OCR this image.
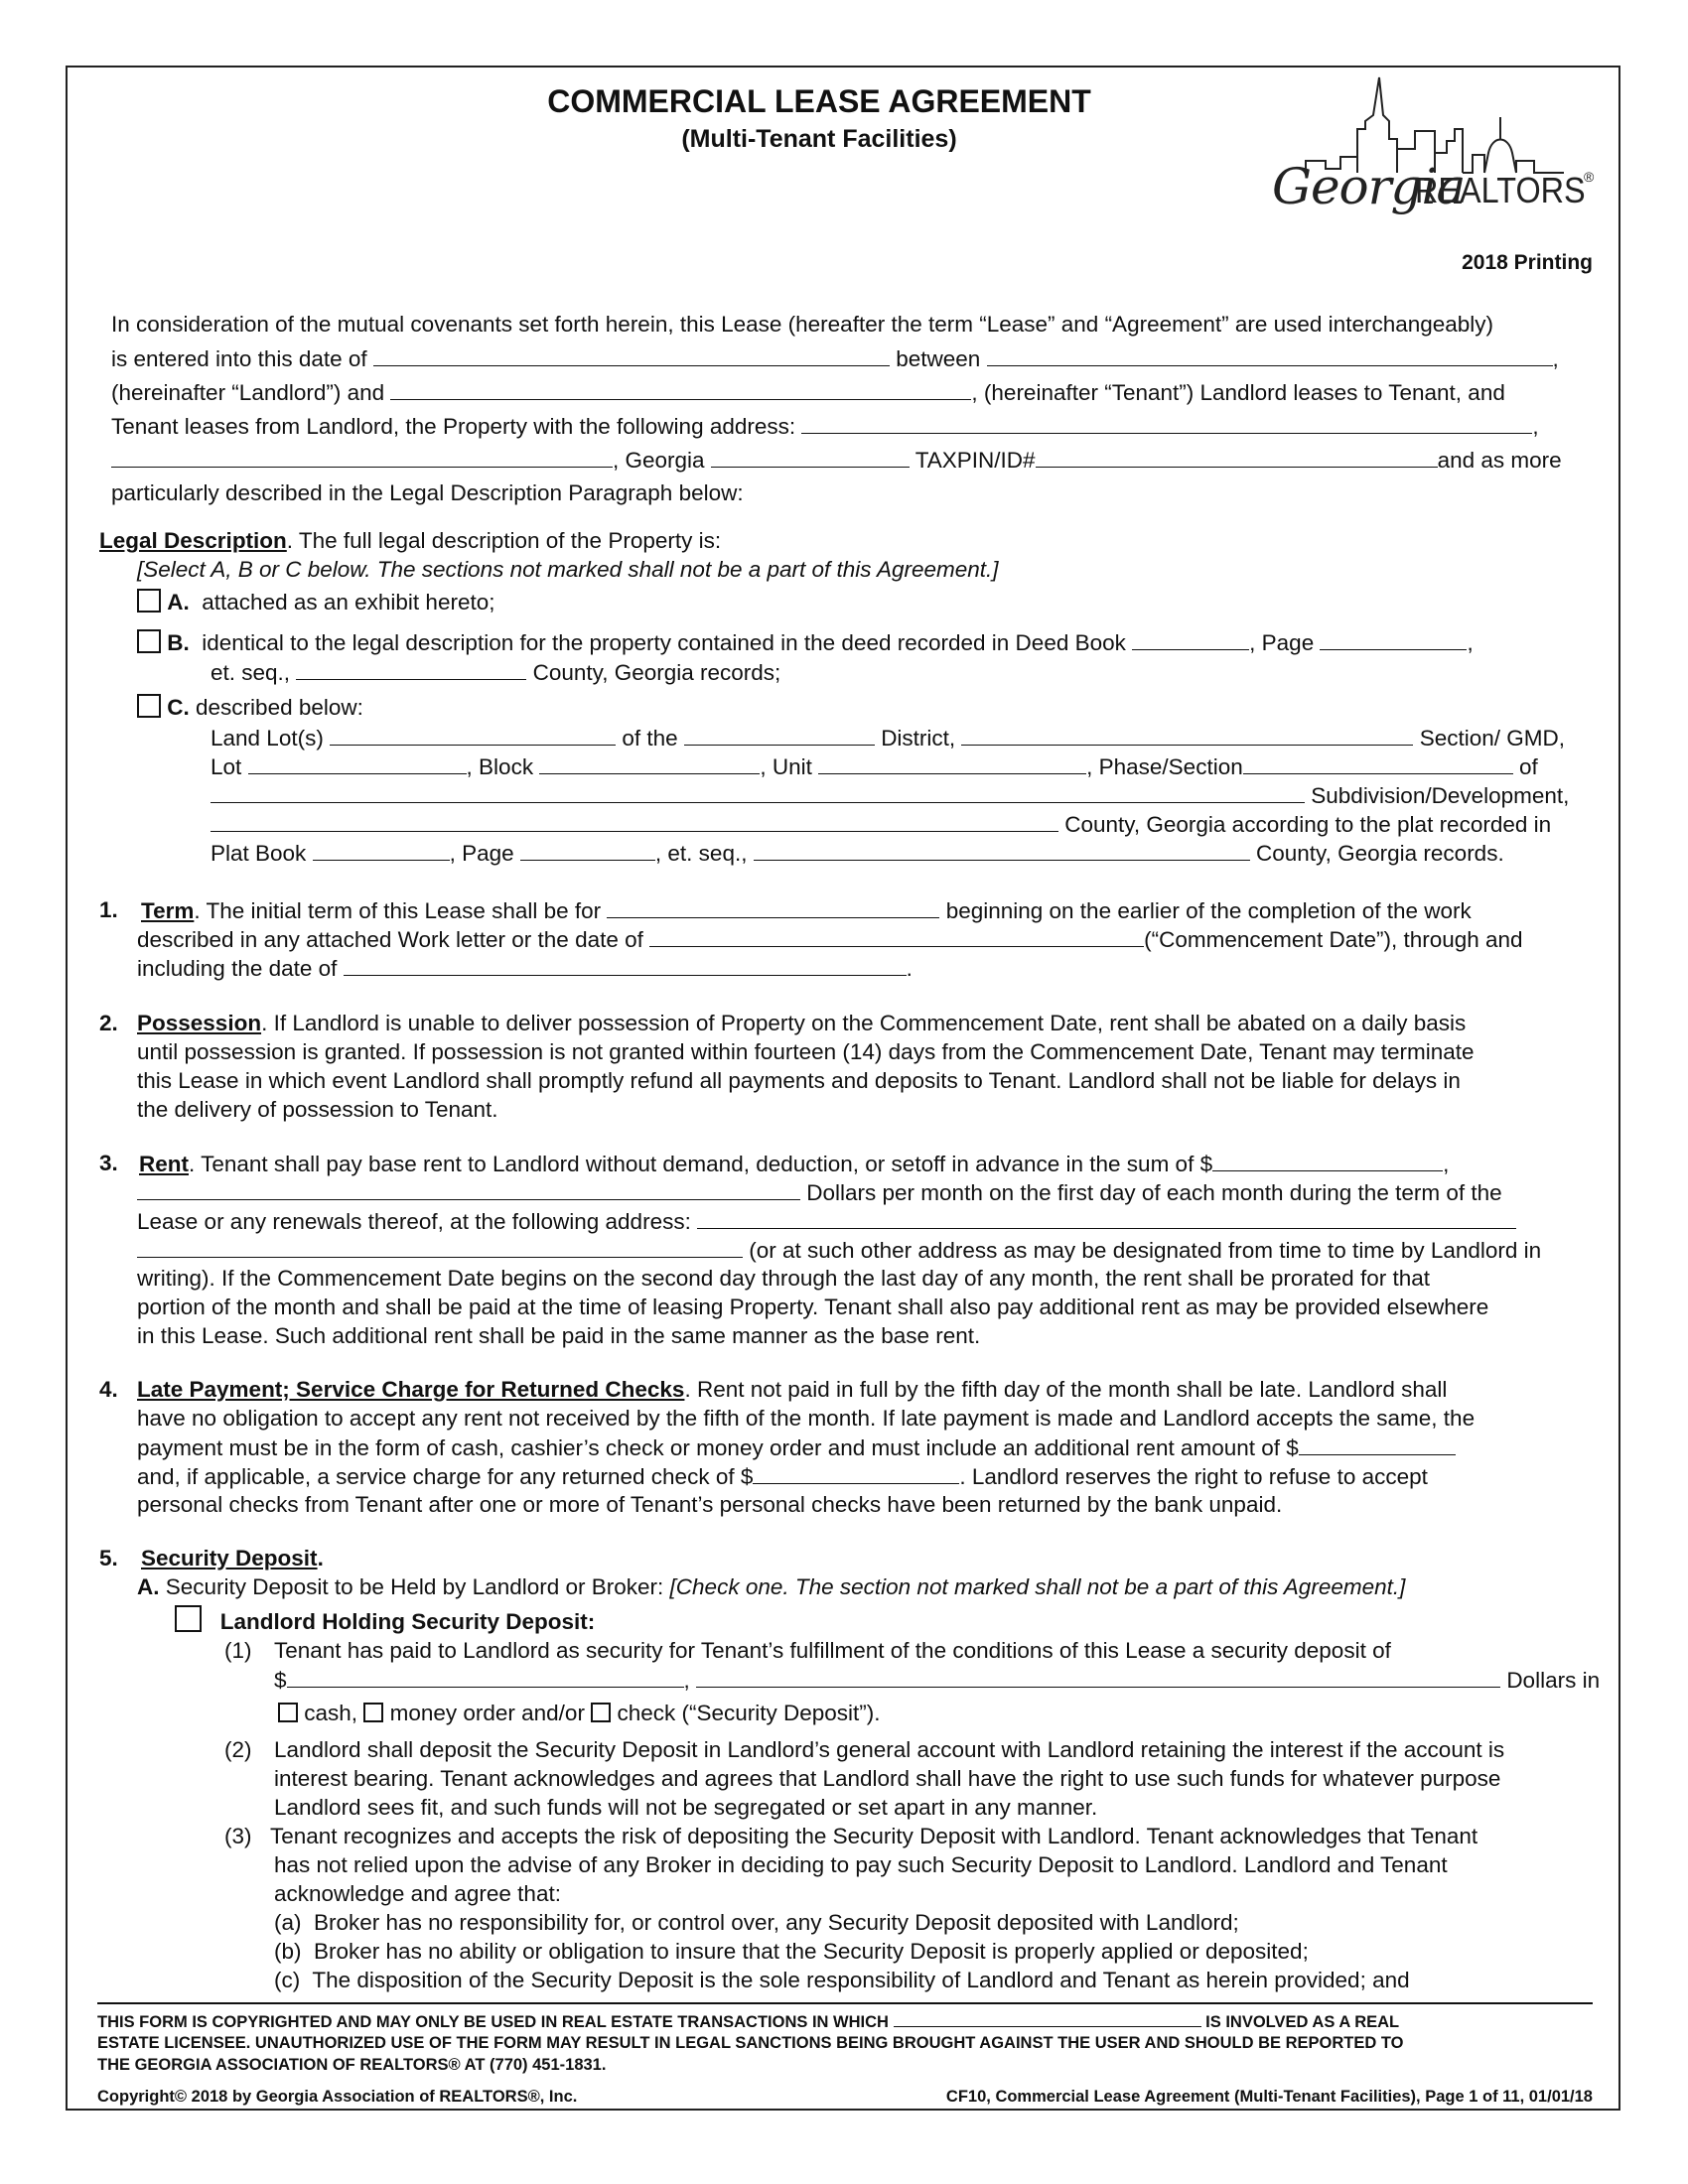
COMMERCIAL LEASE AGREEMENT
(Multi-Tenant Facilities)
Georgia
REALTORS
®
2018 Printing
In consideration of the mutual covenants set forth herein, this Lease (hereafter the term “Lease” and “Agreement” are used interchangeably)
is entered into this date of	between	,
(hereinafter “Landlord”) and	, (hereinafter “Tenant”) Landlord leases to Tenant, and
Tenant leases from Landlord, the Property with the following address:	,
, Georgia	TAXPIN/ID#	and as more
particularly described in the Legal Description Paragraph below:
Legal Description. The full legal description of the Property is:
[Select A, B or C below. The sections not marked shall not be a part of this Agreement.]
A. attached as an exhibit hereto;
B. identical to the legal description for the property contained in the deed recorded in Deed Book	, Page	,
et. seq.,	County, Georgia records;
C. described below:
Land Lot(s)	of the	District,	Section/ GMD,
Lot	, Block	, Unit	, Phase/Section	of
Subdivision/Development,
County, Georgia according to the plat recorded in
Plat Book	, Page	, et. seq.,	County, Georgia records.
1. Term. The initial term of this Lease shall be for	beginning on the earlier of the completion of the work
described in any attached Work letter or the date of	(“Commencement Date”), through and
including the date of	.
2. Possession. If Landlord is unable to deliver possession of Property on the Commencement Date, rent shall be abated on a daily basis
until possession is granted. If possession is not granted within fourteen (14) days from the Commencement Date, Tenant may terminate
this Lease in which event Landlord shall promptly refund all payments and deposits to Tenant. Landlord shall not be liable for delays in
the delivery of possession to Tenant.
3. Rent. Tenant shall pay base rent to Landlord without demand, deduction, or setoff in advance in the sum of $	,
Dollars per month on the first day of each month during the term of the
Lease or any renewals thereof, at the following address:
(or at such other address as may be designated from time to time by Landlord in
writing). If the Commencement Date begins on the second day through the last day of any month, the rent shall be prorated for that
portion of the month and shall be paid at the time of leasing Property. Tenant shall also pay additional rent as may be provided elsewhere
in this Lease. Such additional rent shall be paid in the same manner as the base rent.
4. Late Payment; Service Charge for Returned Checks. Rent not paid in full by the fifth day of the month shall be late. Landlord shall
have no obligation to accept any rent not received by the fifth of the month. If late payment is made and Landlord accepts the same, the
payment must be in the form of cash, cashier’s check or money order and must include an additional rent amount of $
and, if applicable, a service charge for any returned check of $	. Landlord reserves the right to refuse to accept
personal checks from Tenant after one or more of Tenant’s personal checks have been returned by the bank unpaid.
5. Security Deposit.
A. Security Deposit to be Held by Landlord or Broker: [Check one. The section not marked shall not be a part of this Agreement.]
Landlord Holding Security Deposit:
(1) Tenant has paid to Landlord as security for Tenant’s fulfillment of the conditions of this Lease a security deposit of
$	,	Dollars in
cash, money order and/or check (“Security Deposit”).
(2) Landlord shall deposit the Security Deposit in Landlord’s general account with Landlord retaining the interest if the account is
interest bearing. Tenant acknowledges and agrees that Landlord shall have the right to use such funds for whatever purpose
Landlord sees fit, and such funds will not be segregated or set apart in any manner.
(3) Tenant recognizes and accepts the risk of depositing the Security Deposit with Landlord. Tenant acknowledges that Tenant
has not relied upon the advise of any Broker in deciding to pay such Security Deposit to Landlord. Landlord and Tenant
acknowledge and agree that:
(a) Broker has no responsibility for, or control over, any Security Deposit deposited with Landlord;
(b) Broker has no ability or obligation to insure that the Security Deposit is properly applied or deposited;
(c) The disposition of the Security Deposit is the sole responsibility of Landlord and Tenant as herein provided; and
THIS FORM IS COPYRIGHTED AND MAY ONLY BE USED IN REAL ESTATE TRANSACTIONS IN WHICH	IS INVOLVED AS A REAL
ESTATE LICENSEE. UNAUTHORIZED USE OF THE FORM MAY RESULT IN LEGAL SANCTIONS BEING BROUGHT AGAINST THE USER AND SHOULD BE REPORTED TO
THE GEORGIA ASSOCIATION OF REALTORS® AT (770) 451-1831.
Copyright© 2018 by Georgia Association of REALTORS®, Inc.	CF10, Commercial Lease Agreement (Multi-Tenant Facilities), Page 1 of 11, 01/01/18
